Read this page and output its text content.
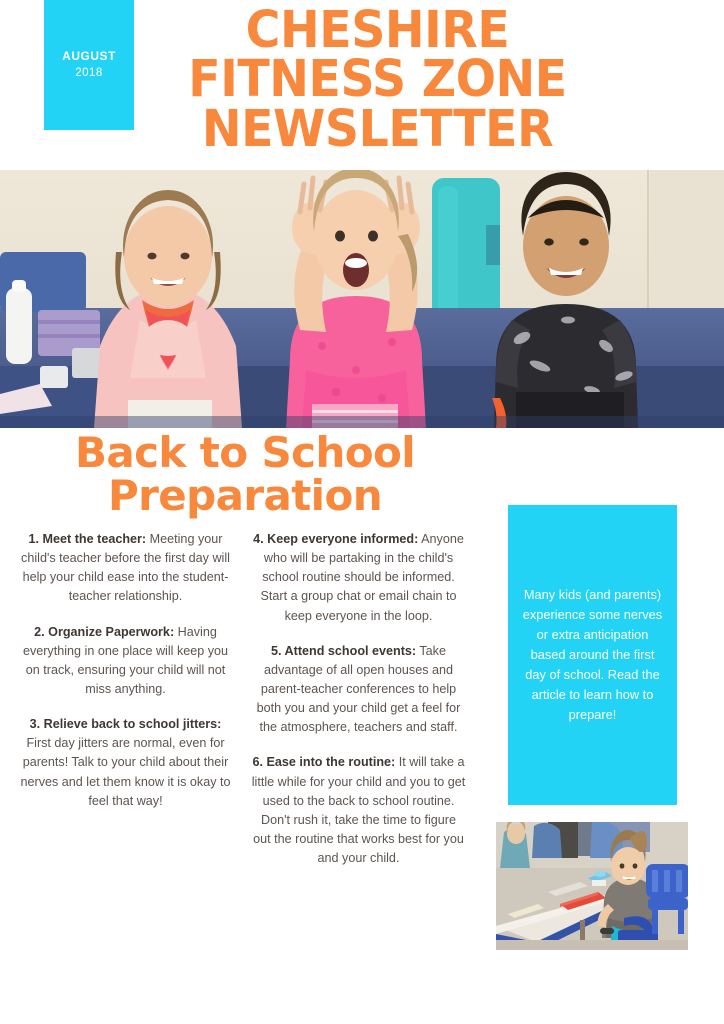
AUGUST
2018
CHESHIRE
FITNESS ZONE
NEWSLETTER
Back to School
Preparation

1. Meet the teacher: Meeting your child's teacher before the first day will help your child ease into the student-teacher relationship.

2. Organize Paperwork: Having everything in one place will keep you on track, ensuring your child will not miss anything.

3. Relieve back to school jitters: First day jitters are normal, even for parents! Talk to your child about their nerves and let them know it is okay to feel that way!

4. Keep everyone informed: Anyone who will be partaking in the child's school routine should be informed. Start a group chat or email chain to keep everyone in the loop.

5. Attend school events: Take advantage of all open houses and parent-teacher conferences to help both you and your child get a feel for the atmosphere, teachers and staff.

6. Ease into the routine: It will take a little while for your child and you to get used to the back to school routine. Don't rush it, take the time to figure out the routine that works best for you and your child.

Many kids (and parents) experience some nerves or extra anticipation based around the first day of school. Read the article to learn how to prepare!
